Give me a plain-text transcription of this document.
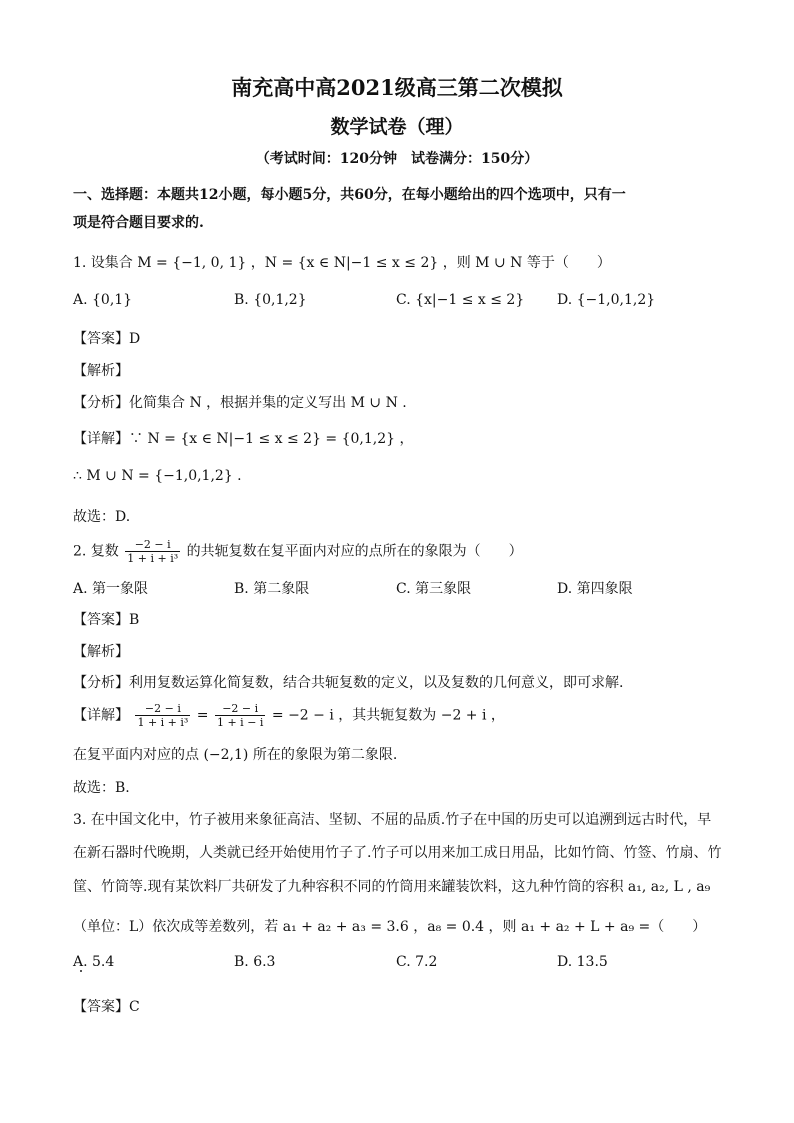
南充高中高2021级高三第二次模拟
数学试卷（理）
（考试时间：120分钟　试卷满分：150分）
一、选择题：本题共12小题，每小题5分，共60分，在每小题给出的四个选项中，只有一
项是符合题目要求的.
1. 设集合 M = {−1, 0, 1} ，N = {x ∈ N|−1 ≤ x ≤ 2} ，则 M ∪ N 等于（　　）
A. {0,1}	B. {0,1,2}	C. {x|−1 ≤ x ≤ 2} D. {−1,0,1,2}
【答案】D
【解析】
【分析】化简集合 N ，根据并集的定义写出 M ∪ N .
【详解】∵ N = {x ∈ N|−1 ≤ x ≤ 2} = {0,1,2} ，
∴ M ∪ N = {−1,0,1,2} .
故选：D.
2. 复数 $\frac{-2 - i}{\text{1 + i + i³}}$ 的共轭复数在复平面内对应的点所在的象限为（　　）
A. 第一象限	B. 第二象限	C. 第三象限	D. 第四象限
【答案】B
【解析】
【分析】利用复数运算化简复数，结合共轭复数的定义，以及复数的几何意义，即可求解.
【详解】 $\frac{-2 - i}{\text{1 + i + i³}} = \frac{-2 - i}{1 + i - i} = -2 - i$ ，其共轭复数为 −2 + i ，
在复平面内对应的点 (−2,1) 所在的象限为第二象限.
故选：B.
3. 在中国文化中，竹子被用来象征高洁、坚韧、不屈的品质.竹子在中国的历史可以追溯到远古时代，早
在新石器时代晚期，人类就已经开始使用竹子了.竹子可以用来加工成日用品，比如竹筒、竹签、竹扇、竹
筐、竹筒等.现有某饮料厂共研发了九种容积不同的竹筒用来罐装饮料，这九种竹筒的容积 a₁, a₂, L , a₉
（单位：L）依次成等差数列，若 a₁ + a₂ + a₃ = 3.6 ，a₈ = 0.4 ，则 a₁ + a₂ + L + a₉ =（　　）
A. 5.4	B. 6.3	C. 7.2	D. 13.5
【答案】C
